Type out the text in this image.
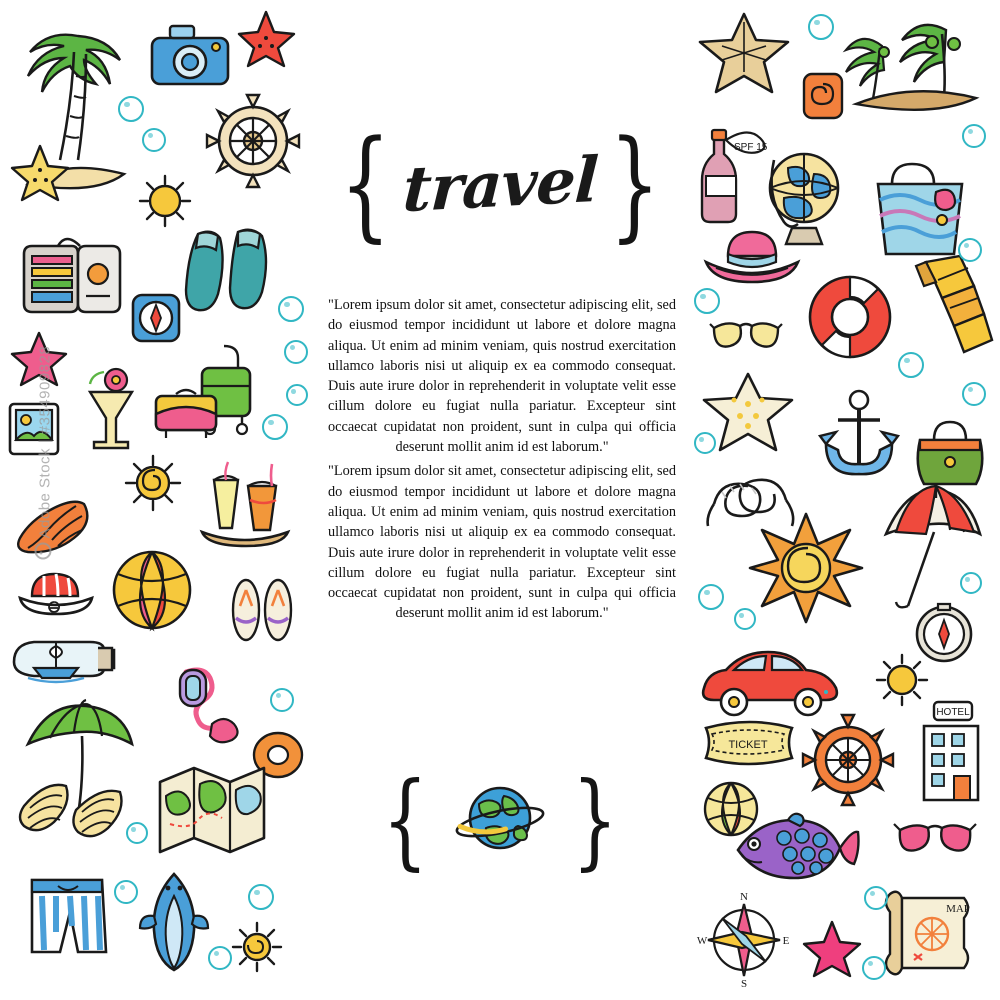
{ travel }

"Lorem ipsum dolor sit amet, consectetur adipiscing elit, sed do eiusmod tempor incididunt ut labore et dolore magna aliqua. Ut enim ad minim veniam, quis nostrud exercitation ullamco laboris nisi ut aliquip ex ea commodo consequat. Duis aute irure dolor in reprehenderit in voluptate velit esse cillum dolore eu fugiat nulla pariatur. Excepteur sint occaecat cupidatat non proident, sunt in culpa qui officia deserunt mollit anim id est laborum."

"Lorem ipsum dolor sit amet, consectetur adipiscing elit, sed do eiusmod tempor incididunt ut labore et dolore magna aliqua. Ut enim ad minim veniam, quis nostrud exercitation ullamco laboris nisi ut aliquip ex ea commodo consequat. Duis aute irure dolor in reprehenderit in voluptate velit esse cillum dolore eu fugiat nulla pariatur. Excepteur sint occaecat cupidatat non proident, sunt in culpa qui officia deserunt mollit anim id est laborum."

{ }
SPF 15
TICKET
HOTEL
N
S
W	E
MAP
Adobe Stock | #354909828
